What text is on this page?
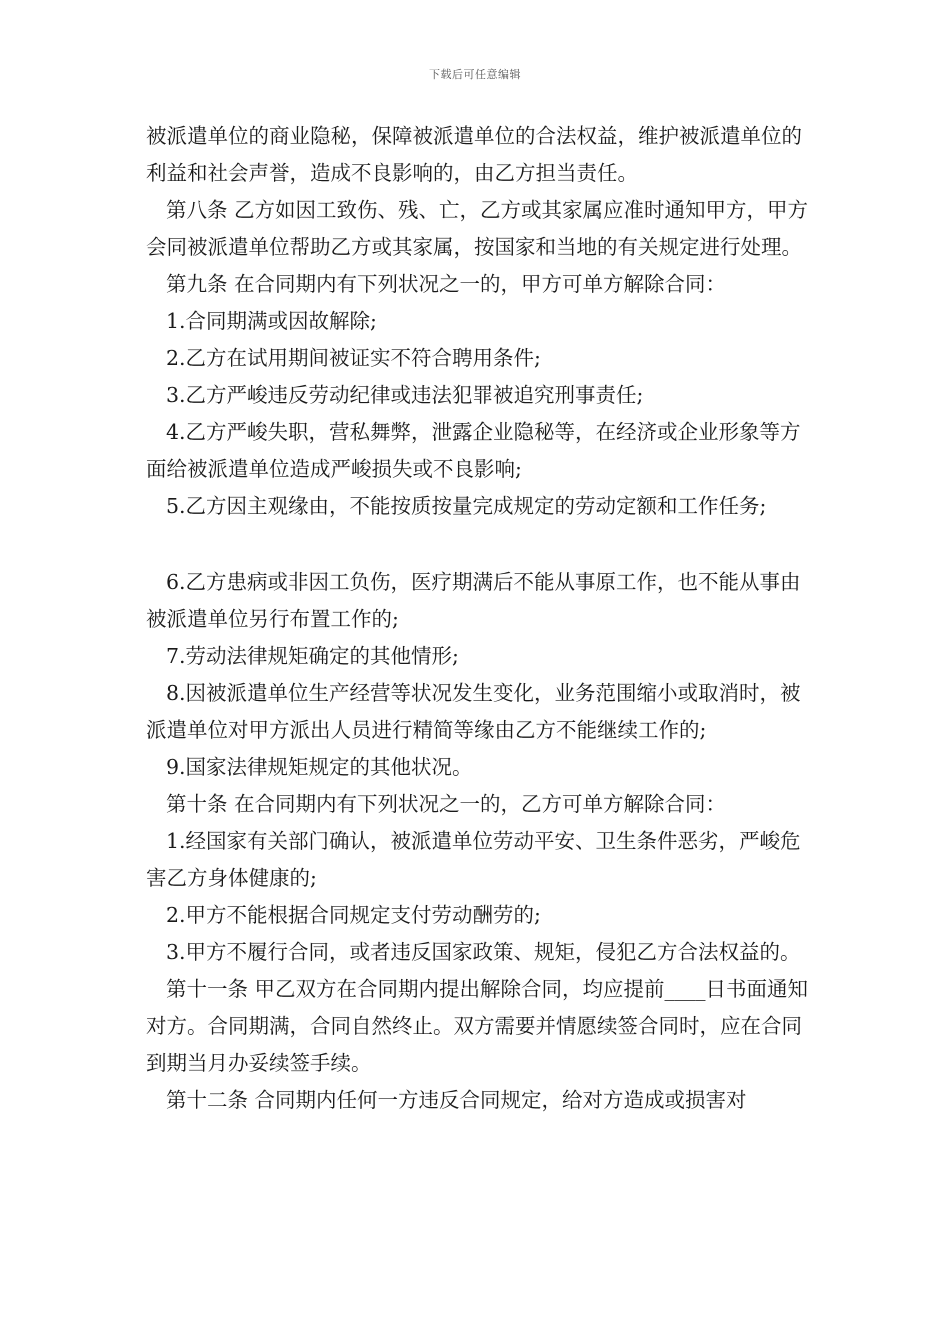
下载后可任意编辑

被派遣单位的商业隐秘，保障被派遣单位的合法权益，维护被派遣单位的利益和社会声誉，造成不良影响的，由乙方担当责任。

第八条 乙方如因工致伤、残、亡，乙方或其家属应准时通知甲方，甲方会同被派遣单位帮助乙方或其家属，按国家和当地的有关规定进行处理。

第九条 在合同期内有下列状况之一的，甲方可单方解除合同：

1.合同期满或因故解除;

2.乙方在试用期间被证实不符合聘用条件;

3.乙方严峻违反劳动纪律或违法犯罪被追究刑事责任;

4.乙方严峻失职，营私舞弊，泄露企业隐秘等，在经济或企业形象等方面给被派遣单位造成严峻损失或不良影响;

5.乙方因主观缘由，不能按质按量完成规定的劳动定额和工作任务;

6.乙方患病或非因工负伤，医疗期满后不能从事原工作，也不能从事由被派遣单位另行布置工作的;

7.劳动法律规矩确定的其他情形;

8.因被派遣单位生产经营等状况发生变化，业务范围缩小或取消时，被派遣单位对甲方派出人员进行精简等缘由乙方不能继续工作的;

9.国家法律规矩规定的其他状况。

第十条 在合同期内有下列状况之一的，乙方可单方解除合同：

1.经国家有关部门确认，被派遣单位劳动平安、卫生条件恶劣，严峻危害乙方身体健康的;

2.甲方不能根据合同规定支付劳动酬劳的;

3.甲方不履行合同，或者违反国家政策、规矩，侵犯乙方合法权益的。

第十一条 甲乙双方在合同期内提出解除合同，均应提前____日书面通知对方。合同期满，合同自然终止。双方需要并情愿续签合同时，应在合同到期当月办妥续签手续。

第十二条 合同期内任何一方违反合同规定，给对方造成或损害对
